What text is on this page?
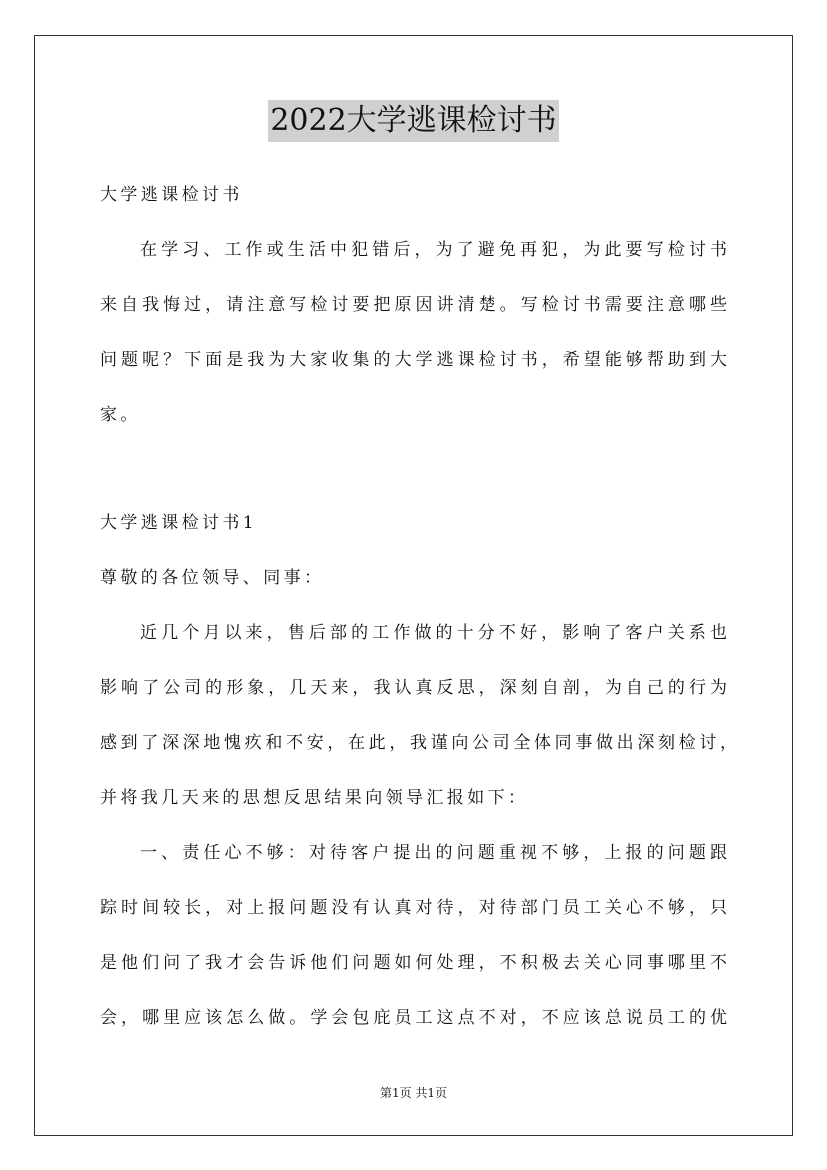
2022大学逃课检讨书
大学逃课检讨书
在学习、工作或生活中犯错后，为了避免再犯，为此要写检讨书
来自我悔过，请注意写检讨要把原因讲清楚。写检讨书需要注意哪些
问题呢？下面是我为大家收集的大学逃课检讨书，希望能够帮助到大
家。
大学逃课检讨书1
尊敬的各位领导、同事：
近几个月以来，售后部的工作做的十分不好，影响了客户关系也
影响了公司的形象，几天来，我认真反思，深刻自剖，为自己的行为
感到了深深地愧疚和不安，在此，我谨向公司全体同事做出深刻检讨，
并将我几天来的思想反思结果向领导汇报如下：
一、责任心不够：对待客户提出的问题重视不够，上报的问题跟
踪时间较长，对上报问题没有认真对待，对待部门员工关心不够，只
是他们问了我才会告诉他们问题如何处理，不积极去关心同事哪里不
会，哪里应该怎么做。学会包庇员工这点不对，不应该总说员工的优
第1页 共1页
